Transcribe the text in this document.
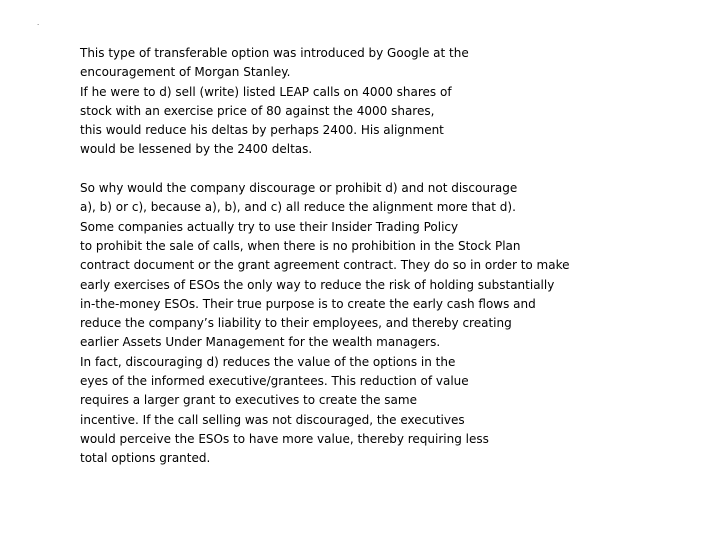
.
This type of transferable option was introduced by Google at the
encouragement of Morgan Stanley.
If he were to d) sell (write) listed LEAP calls on 4000 shares of
stock with an exercise price of 80 against the 4000 shares,
this would reduce his deltas by perhaps 2400. His alignment
would be lessened by the 2400 deltas.
So why would the company discourage or prohibit d) and not discourage
a), b) or c), because a), b), and c) all reduce the alignment more that d).
Some companies actually try to use their Insider Trading Policy
to prohibit the sale of calls, when there is no prohibition in the Stock Plan
contract document or the grant agreement contract. They do so in order to make
early exercises of ESOs the only way to reduce the risk of holding substantially
in-the-money ESOs. Their true purpose is to create the early cash flows and
reduce the company’s liability to their employees, and thereby creating
earlier Assets Under Management for the wealth managers.
In fact, discouraging d) reduces the value of the options in the
eyes of the informed executive/grantees. This reduction of value
requires a larger grant to executives to create the same
incentive. If the call selling was not discouraged, the executives
would perceive the ESOs to have more value, thereby requiring less
total options granted.
